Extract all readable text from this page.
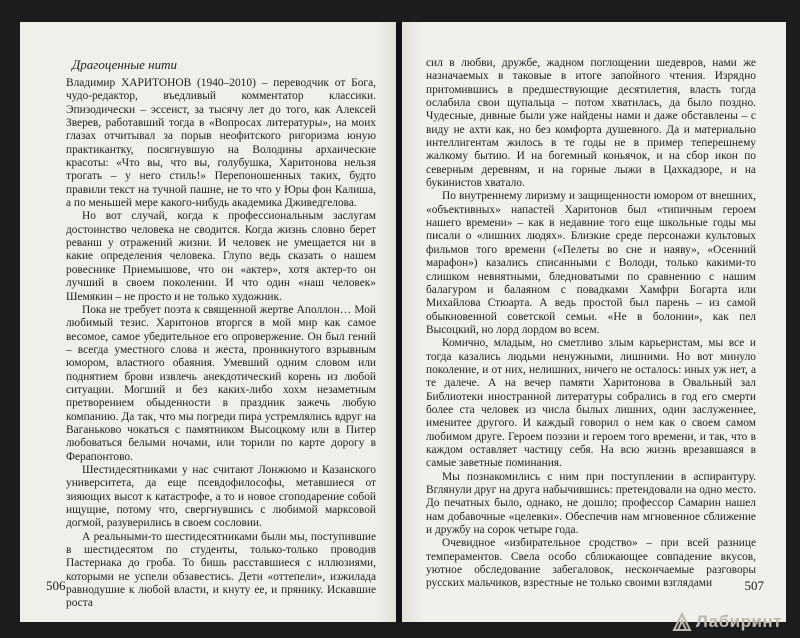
Драгоценные нити

Владимир ХАРИТОНОВ (1940–2010) – переводчик от Бога, чудо-редактор, въедливый комментатор классики. Эпизодически – эссеист, за тысячу лет до того, как Алексей Зверев, работавший тогда в «Вопросах литературы», на моих глазах отчитывал за порыв неофитского ригоризма юную практикантку, посягнувшую на Володины архаические красоты: «Что вы, что вы, голубушка, Харитонова нельзя трогать – у него стиль!» Перепоношенных таких, будто правили текст на тучной пашне, не то что у Юры фон Калиша, а по меньшей мере какого-нибудь академика Дживедгелова.

Но вот случай, когда к профессиональным заслугам достоинство человека не сводится. Когда жизнь словно берет реванш у отражений жизни. И человек не умещается ни в какие определения человека. Глупо ведь сказать о нашем ровеснике Приемышове, что он «актер», хотя актер-то он лучший в своем поколении. И что один «наш человек» Шемякин – не просто и не только художник.

Пока не требует поэта к священной жертве Аполлон… Мой любимый тезис. Харитонов вторгся в мой мир как самое весомое, самое убедительное его опровержение. Он был гений – всегда уместного слова и жеста, проникнутого взрывным юмором, властного обаяния. Умевший одним словом или поднятием брови извлечь анекдотический корень из любой ситуации. Могший и без каких-либо хохм незаметным претворением обыденности в праздник зажечь любую компанию. Да так, что мы погреди пира устремлялись вдруг на Ваганьково чокаться с памятником Высоцкому или в Питер любоваться белыми ночами, или торили по карте дорогу в Ферапонтово.

Шестидесятниками у нас считают Лонжюмо и Казанского университета, да еще псевдофилософы, метавшиеся от зияющих высот к катастрофе, а то и новое сгоподарение собой ищущие, потому что, свергнувшись с любимой марксовой догмой, разуверились в своем сословии.

А реальными-то шестидесятниками были мы, поступившие в шестидесятом по студенты, только-только проводив Пастернака до гроба. То бишь расставшиеся с иллюзиями, которыми не успели обзавестись. Дети «оттепели», изжилада равнодушие к любой власти, и кнуту ее, и прянику. Искавшие роста

506

сил в любви, дружбе, жадном поглощении шедевров, нами же назначаемых в таковые в итоге запойного чтения. Изрядно притомившись в предшествующие десятилетия, власть тогда ослабила свои щупальца – потом хватилась, да было поздно. Чудесные, дивные были уже найдены нами и даже обставлены – с виду не ахти как, но без комфорта душевного. Да и материально интеллигентам жилось в те годы не в пример теперешнему жалкому бытию. И на богемный коньячок, и на сбор икон по северным деревням, и на горные лыжи в Цахкадзоре, и на букинистов хватало.

По внутреннему лиризму и защищенности юмором от внешних, «объективных» напастей Харитонов был «типичным героем нашего времени» – как в недавние того еще школьные годы мы писали о «лишних людях». Близкие среде персонажи культовых фильмов того времени («Пелеты во сне и наяву», «Осенний марафон») казались списанными с Володи, только какими-то слишком невнятными, бледноватыми по сравнению с нашим балагуром и балаяном с повадками Хамфри Богарта или Михайлова Стюарта. А ведь простой был парень – из самой обыкновенной советской семьи. «Не в болонии», как пел Высоцкий, но лорд лордом во всем.

Комично, младым, но сметливо злым карьеристам, мы все и тогда казались людьми ненужными, лишними. Но вот минуло поколение, и от них, нелишних, ничего не осталось: иных уж нет, а те далече. А на вечер памяти Харитонова в Овальный зал Библиотеки иностранной литературы собрались в год его смерти более ста человек из числа былых лишних, один заслуженнее, именитее другого. И каждый говорил о нем как о своем самом любимом друге. Героем поэзии и героем того времени, и так, что в каждом оставляет частицу себя. На всю жизнь врезавшаяся в самые заветные поминания.

Мы познакомились с ним при поступлении в аспирантуру. Вглянули друг на друга набычившись: претендовали на одно место. До печатных было, однако, не дошло; профессор Самарин нашел нам добавочные «целевки». Обеспечив нам мгновенное сближение и дружбу на сорок четыре года.

Очевидное «избирательное сродство» – при всей разнице темпераментов. Свела особо сближающее совпадение вкусов, уютное обследование забегаловок, нескончаемые разговоры русских мальчиков, взрестные не только своими взглядами	507
Лабиринт
